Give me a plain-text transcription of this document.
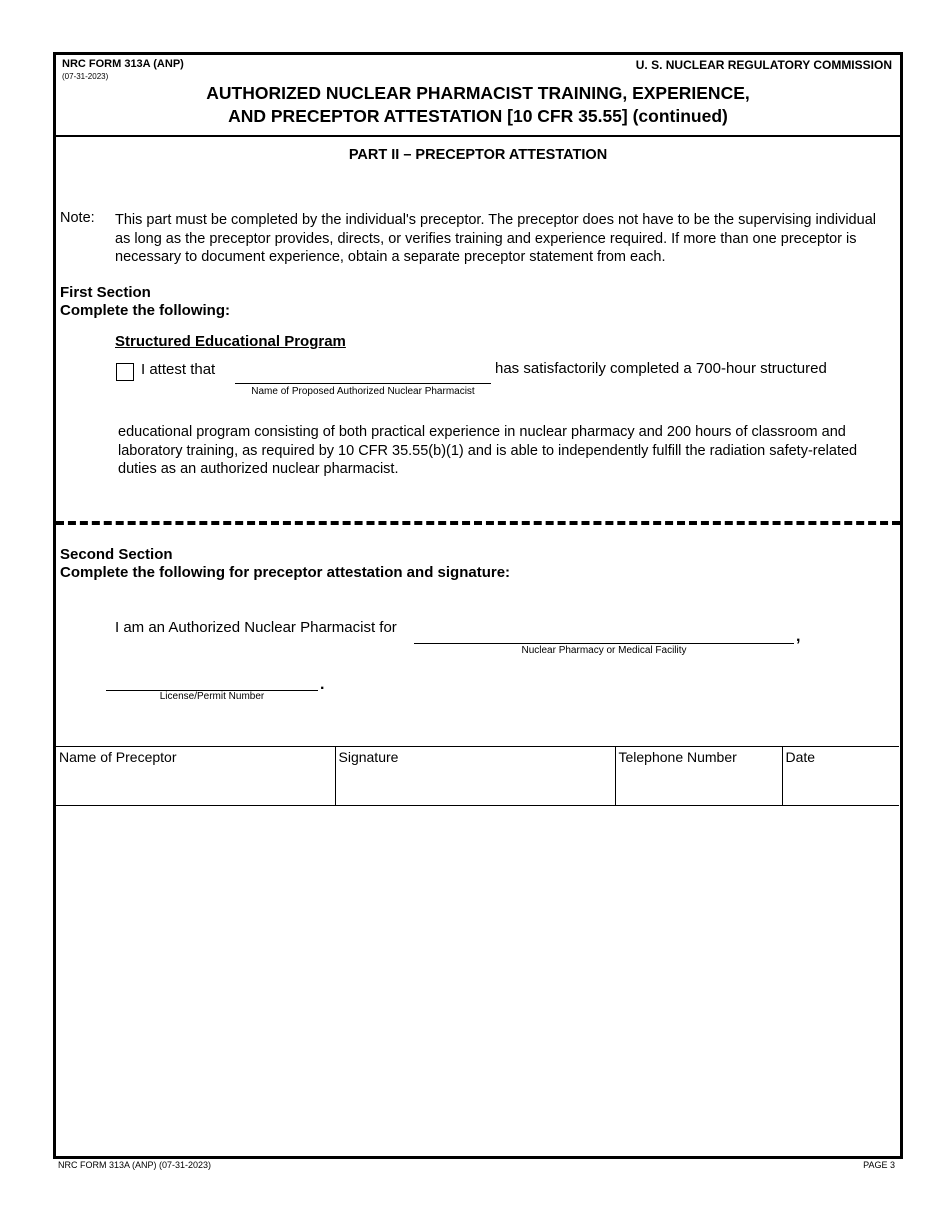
NRC FORM 313A (ANP)
(07-31-2023)
U. S. NUCLEAR REGULATORY COMMISSION
AUTHORIZED NUCLEAR PHARMACIST TRAINING, EXPERIENCE,
AND PRECEPTOR ATTESTATION [10 CFR 35.55] (continued)
PART II – PRECEPTOR ATTESTATION
Note: This part must be completed by the individual's preceptor. The preceptor does not have to be the supervising individual as long as the preceptor provides, directs, or verifies training and experience required. If more than one preceptor is necessary to document experience, obtain a separate preceptor statement from each.
First Section
Complete the following:
Structured Educational Program
I attest that
Name of Proposed Authorized Nuclear Pharmacist
has satisfactorily completed a 700-hour structured
educational program consisting of both practical experience in nuclear pharmacy and 200 hours of classroom and laboratory training, as required by 10 CFR 35.55(b)(1) and is able to independently fulfill the radiation safety-related duties as an authorized nuclear pharmacist.
Second Section
Complete the following for preceptor attestation and signature:
I am an Authorized Nuclear Pharmacist for
,
Nuclear Pharmacy or Medical Facility
.
License/Permit Number
Name of Preceptor	Signature	Telephone Number	Date
NRC FORM 313A (ANP) (07-31-2023)	PAGE 3
